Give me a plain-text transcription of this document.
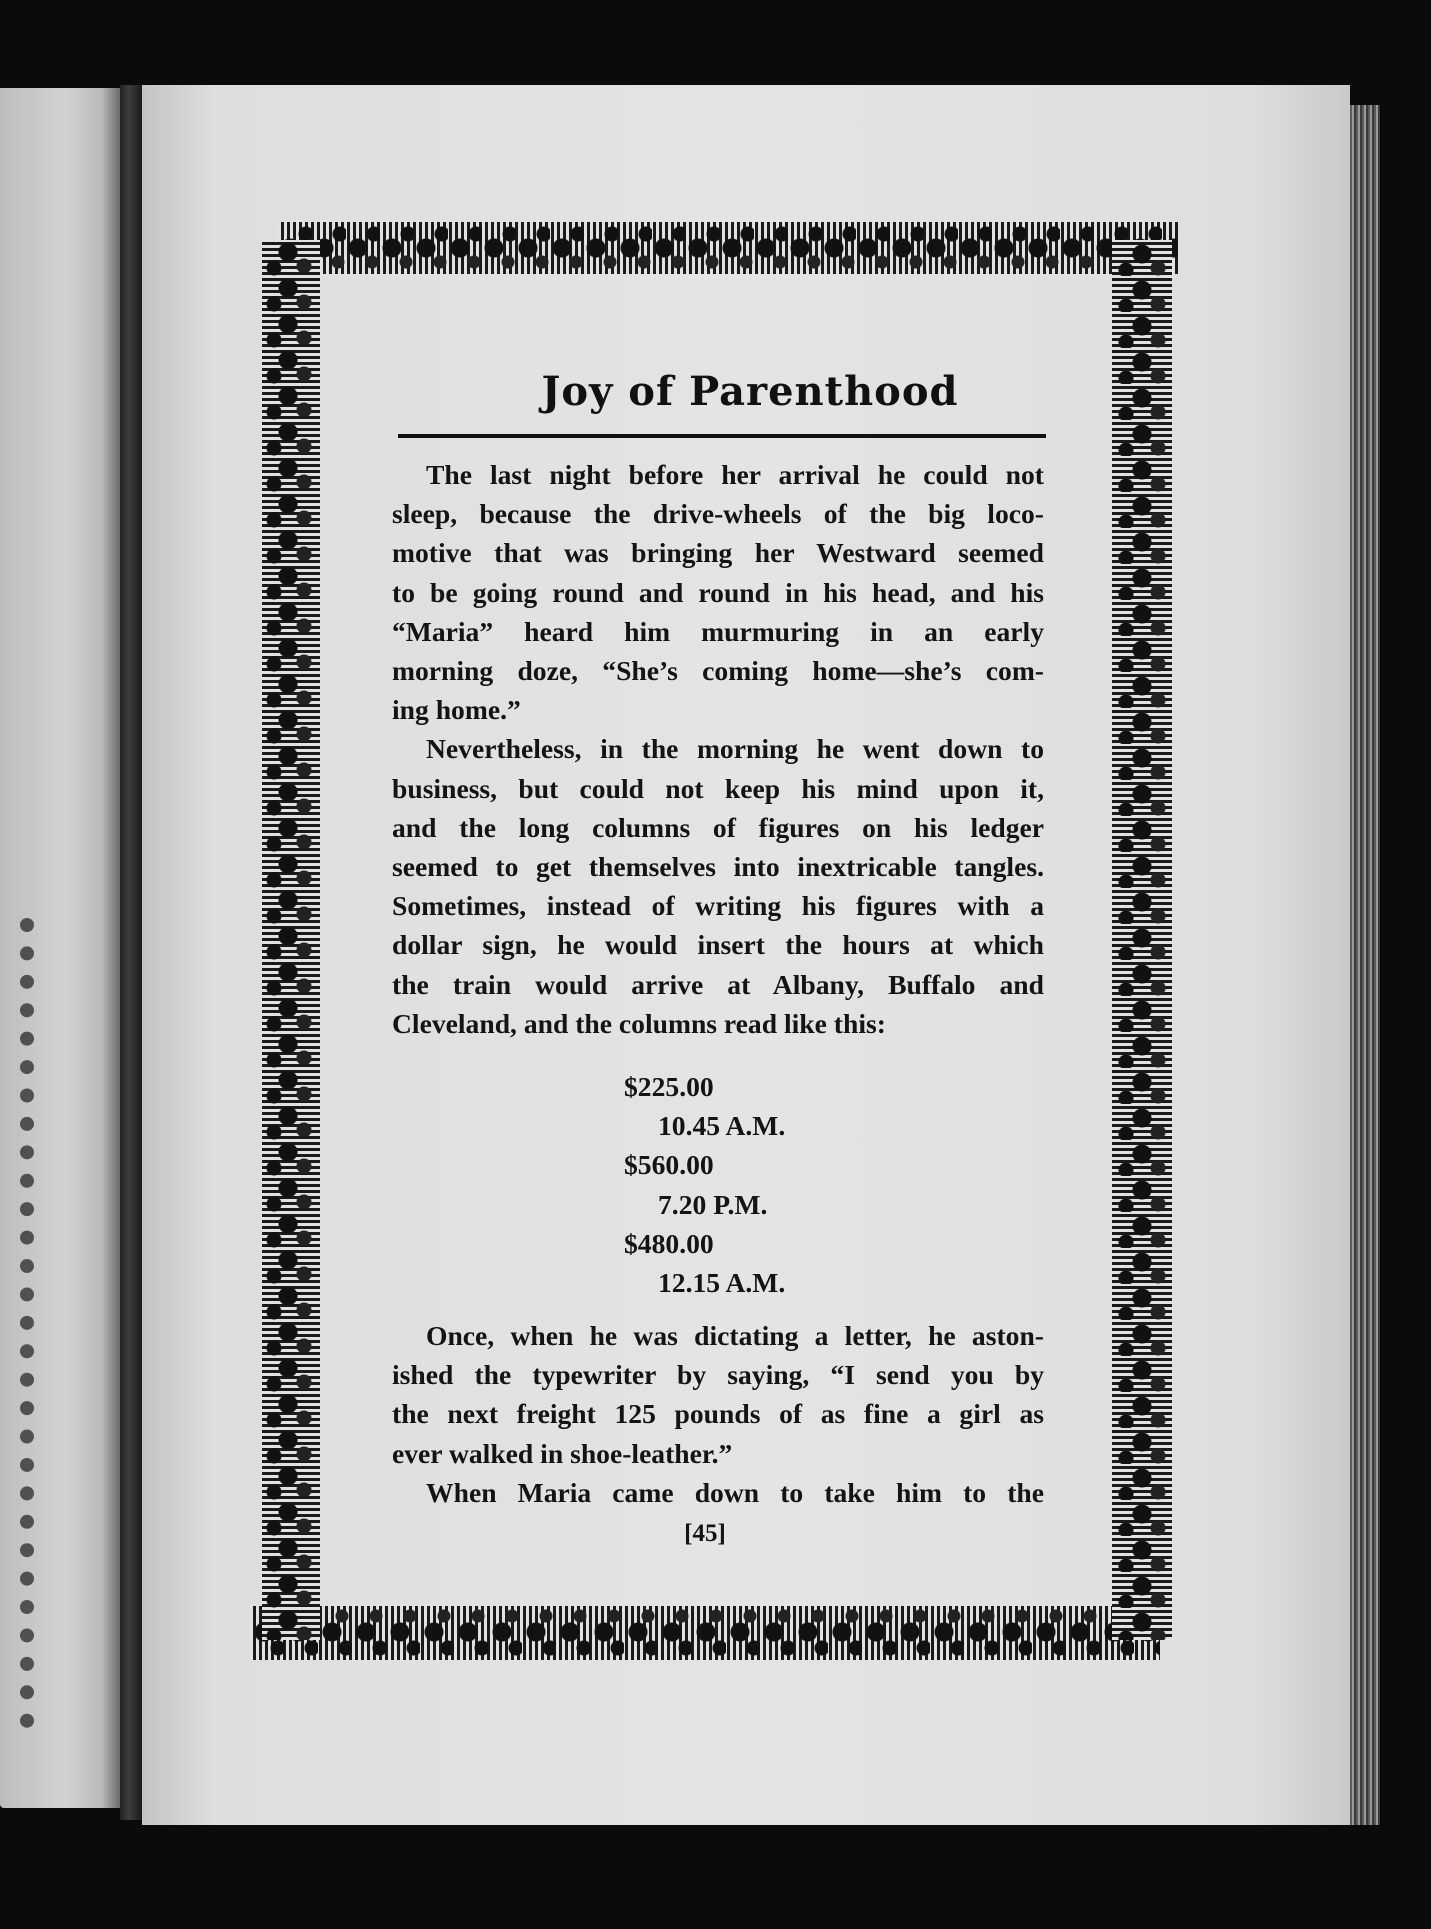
Joy of Parenthood
The last night before her arrival he could not
sleep, because the drive-wheels of the big loco-
motive that was bringing her Westward seemed
to be going round and round in his head, and his
“Maria” heard him murmuring in an early
morning doze, “She’s coming home—she’s com-
ing home.”
Nevertheless, in the morning he went down to
business, but could not keep his mind upon it,
and the long columns of figures on his ledger
seemed to get themselves into inextricable tangles.
Sometimes, instead of writing his figures with a
dollar sign, he would insert the hours at which
the train would arrive at Albany, Buffalo and
Cleveland, and the columns read like this:
$225.00
10.45 A.M.
$560.00
7.20 P.M.
$480.00
12.15 A.M.
Once, when he was dictating a letter, he aston-
ished the typewriter by saying, “I send you by
the next freight 125 pounds of as fine a girl as
ever walked in shoe-leather.”
When Maria came down to take him to the
[45]
